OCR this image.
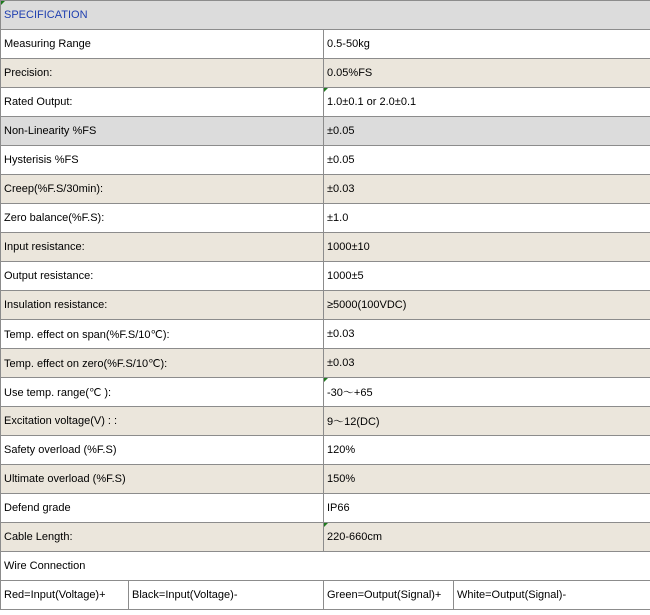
SPECIFICATION			
Measuring Range		0.5-50kg	
Precision:		0.05%FS	
Rated Output:		1.0±0.1 or 2.0±0.1	
Non-Linearity %FS		±0.05	
Hysterisis %FS		±0.05	
Creep(%F.S/30min):		±0.03	
Zero balance(%F.S):		±1.0	
Input resistance:		1000±10	
Output resistance:		1000±5	
Insulation resistance:		≥5000(100VDC)	
Temp. effect on span(%F.S/10℃):		±0.03	
Temp. effect on zero(%F.S/10℃):		±0.03	
Use temp. range(℃ ):		-30～+65	
Excitation voltage(V) : :		9～12(DC)	
Safety overload (%F.S)		120%	
Ultimate overload (%F.S)		150%	
Defend grade		IP66	
Cable Length:		220-660cm	
Wire Connection			
Red=Input(Voltage)+	Black=Input(Voltage)-	Green=Output(Signal)+	White=Output(Signal)-
